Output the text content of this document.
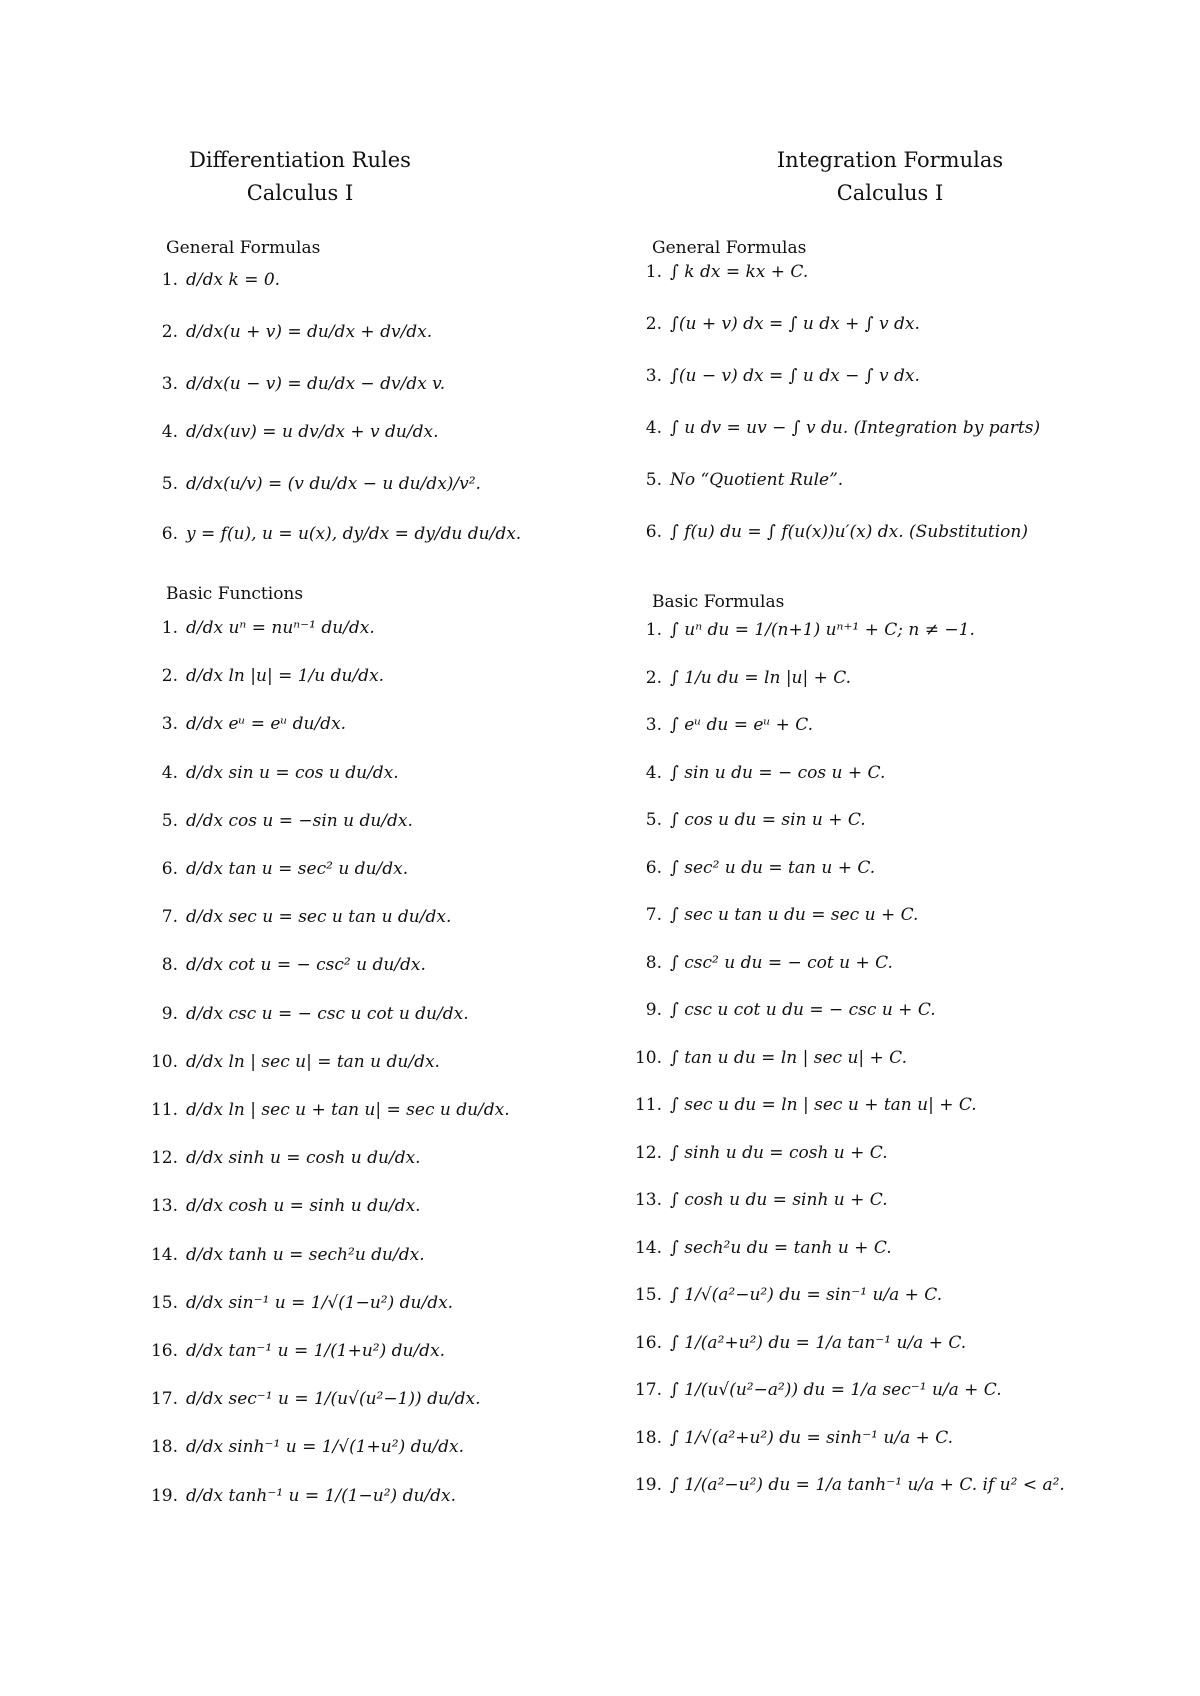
Differentiation Rules
Calculus I
General Formulas
1. d/dx k = 0.
2. d/dx(u + v) = du/dx + dv/dx.
3. d/dx(u − v) = du/dx − dv/dx v.
4. d/dx(uv) = u dv/dx + v du/dx.
5. d/dx(u/v) = (v du/dx − u du/dx)/v².
6. y = f(u), u = u(x), dy/dx = dy/du du/dx.
Basic Functions
1. d/dx uⁿ = nuⁿ⁻¹ du/dx.
2. d/dx ln |u| = 1/u du/dx.
3. d/dx eᵘ = eᵘ du/dx.
4. d/dx sin u = cos u du/dx.
5. d/dx cos u = −sin u du/dx.
6. d/dx tan u = sec² u du/dx.
7. d/dx sec u = sec u tan u du/dx.
8. d/dx cot u = − csc² u du/dx.
9. d/dx csc u = − csc u cot u du/dx.
10. d/dx ln | sec u| = tan u du/dx.
11. d/dx ln | sec u + tan u| = sec u du/dx.
12. d/dx sinh u = cosh u du/dx.
13. d/dx cosh u = sinh u du/dx.
14. d/dx tanh u = sech²u du/dx.
15. d/dx sin⁻¹ u = 1/√(1−u²) du/dx.
16. d/dx tan⁻¹ u = 1/(1+u²) du/dx.
17. d/dx sec⁻¹ u = 1/(u√(u²−1)) du/dx.
18. d/dx sinh⁻¹ u = 1/√(1+u²) du/dx.
19. d/dx tanh⁻¹ u = 1/(1−u²) du/dx.
Integration Formulas
Calculus I
General Formulas
1. ∫ k dx = kx + C.
2. ∫(u + v) dx = ∫ u dx + ∫ v dx.
3. ∫(u − v) dx = ∫ u dx − ∫ v dx.
4. ∫ u dv = uv − ∫ v du. (Integration by parts)
5. No “Quotient Rule”.
6. ∫ f(u) du = ∫ f(u(x))u′(x) dx. (Substitution)
Basic Formulas
1. ∫ uⁿ du = 1/(n+1) uⁿ⁺¹ + C; n ≠ −1.
2. ∫ 1/u du = ln |u| + C.
3. ∫ eᵘ du = eᵘ + C.
4. ∫ sin u du = − cos u + C.
5. ∫ cos u du = sin u + C.
6. ∫ sec² u du = tan u + C.
7. ∫ sec u tan u du = sec u + C.
8. ∫ csc² u du = − cot u + C.
9. ∫ csc u cot u du = − csc u + C.
10. ∫ tan u du = ln | sec u| + C.
11. ∫ sec u du = ln | sec u + tan u| + C.
12. ∫ sinh u du = cosh u + C.
13. ∫ cosh u du = sinh u + C.
14. ∫ sech²u du = tanh u + C.
15. ∫ 1/√(a²−u²) du = sin⁻¹ u/a + C.
16. ∫ 1/(a²+u²) du = 1/a tan⁻¹ u/a + C.
17. ∫ 1/(u√(u²−a²)) du = 1/a sec⁻¹ u/a + C.
18. ∫ 1/√(a²+u²) du = sinh⁻¹ u/a + C.
19. ∫ 1/(a²−u²) du = 1/a tanh⁻¹ u/a + C. if u² < a².
